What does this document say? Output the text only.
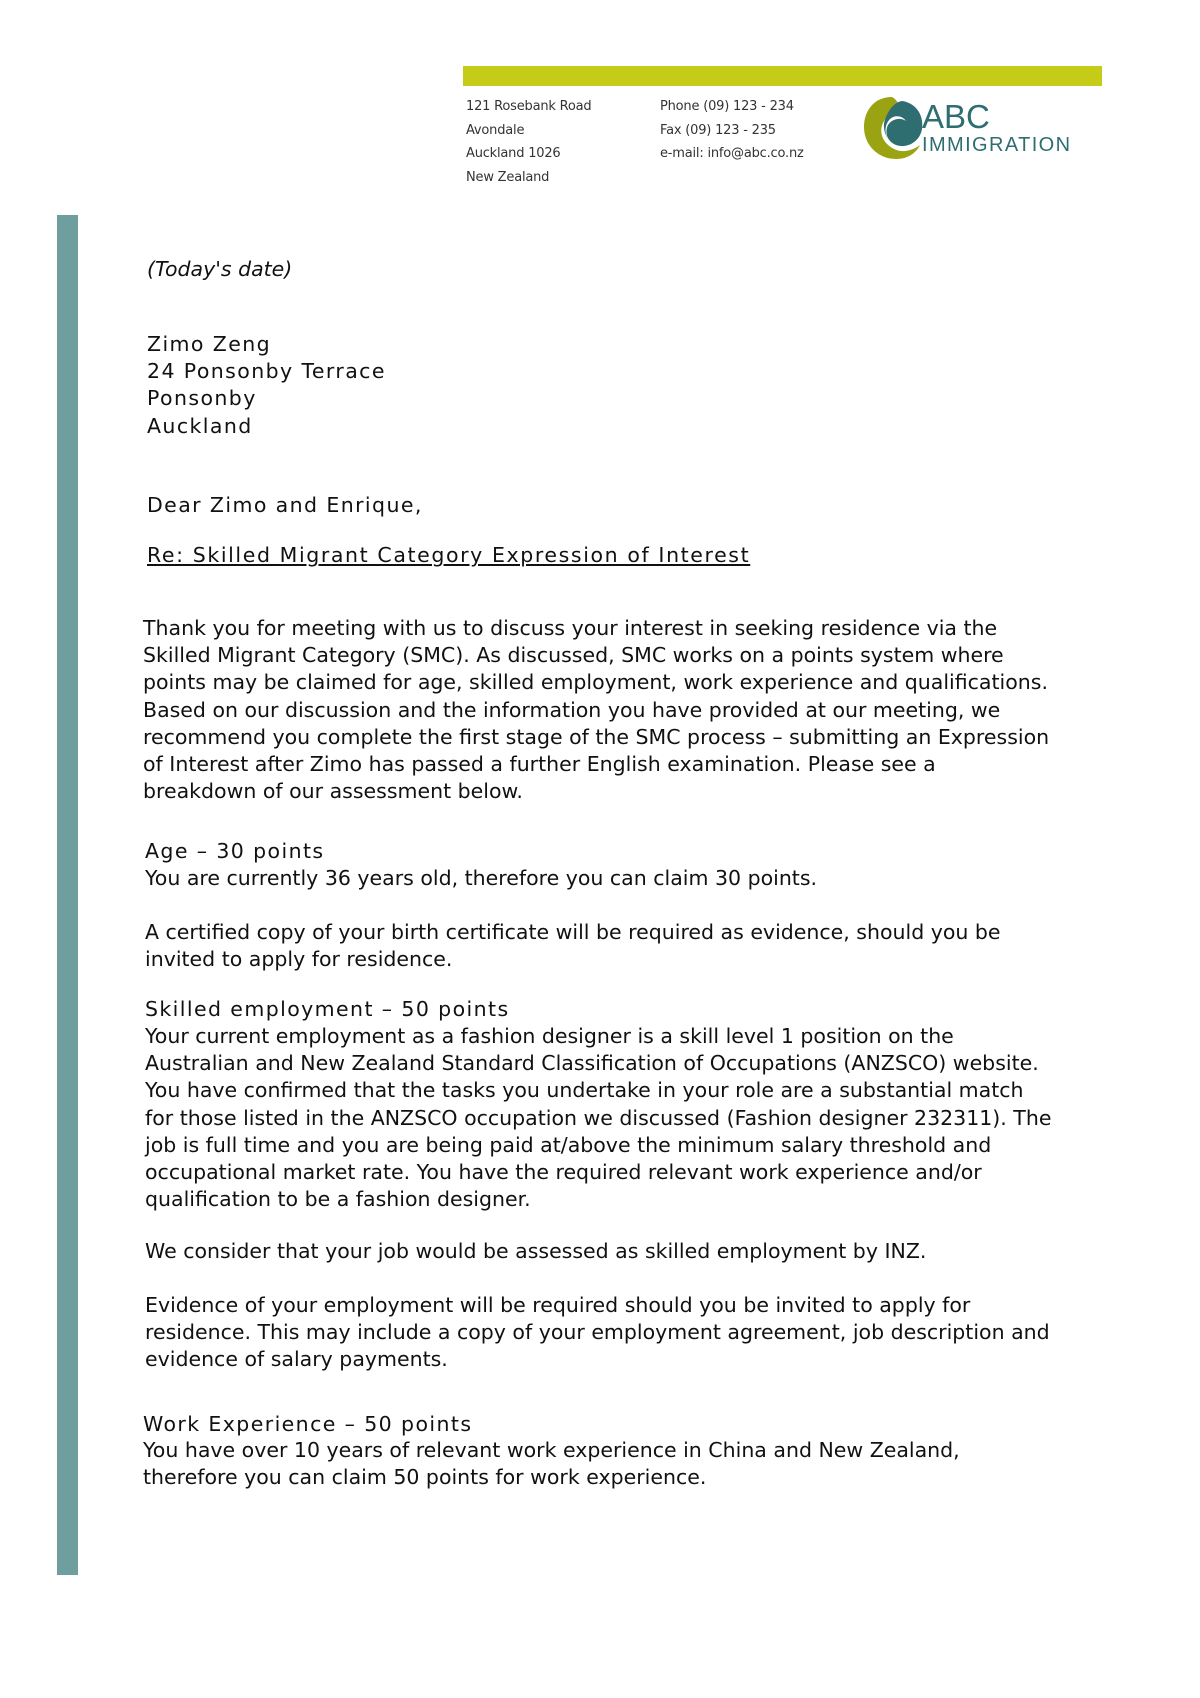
121 Rosebank Road
Avondale
Auckland 1026
New Zealand
Phone (09) 123 - 234
Fax (09) 123 - 235
e-mail: info@abc.co.nz
ABC
IMMIGRATION
(Today's date)
Zimo Zeng
24 Ponsonby Terrace
Ponsonby
Auckland
Dear Zimo and Enrique,
Re: Skilled Migrant Category Expression of Interest
Thank you for meeting with us to discuss your interest in seeking residence via the
Skilled Migrant Category (SMC). As discussed, SMC works on a points system where
points may be claimed for age, skilled employment, work experience and qualifications.
Based on our discussion and the information you have provided at our meeting, we
recommend you complete the first stage of the SMC process – submitting an Expression
of Interest after Zimo has passed a further English examination. Please see a
breakdown of our assessment below.
Age – 30 points
You are currently 36 years old, therefore you can claim 30 points.
A certified copy of your birth certificate will be required as evidence, should you be
invited to apply for residence.
Skilled employment – 50 points
Your current employment as a fashion designer is a skill level 1 position on the
Australian and New Zealand Standard Classification of Occupations (ANZSCO) website.
You have confirmed that the tasks you undertake in your role are a substantial match
for those listed in the ANZSCO occupation we discussed (Fashion designer 232311). The
job is full time and you are being paid at/above the minimum salary threshold and
occupational market rate. You have the required relevant work experience and/or
qualification to be a fashion designer.
We consider that your job would be assessed as skilled employment by INZ.
Evidence of your employment will be required should you be invited to apply for
residence. This may include a copy of your employment agreement, job description and
evidence of salary payments.
Work Experience – 50 points
You have over 10 years of relevant work experience in China and New Zealand,
therefore you can claim 50 points for work experience.
